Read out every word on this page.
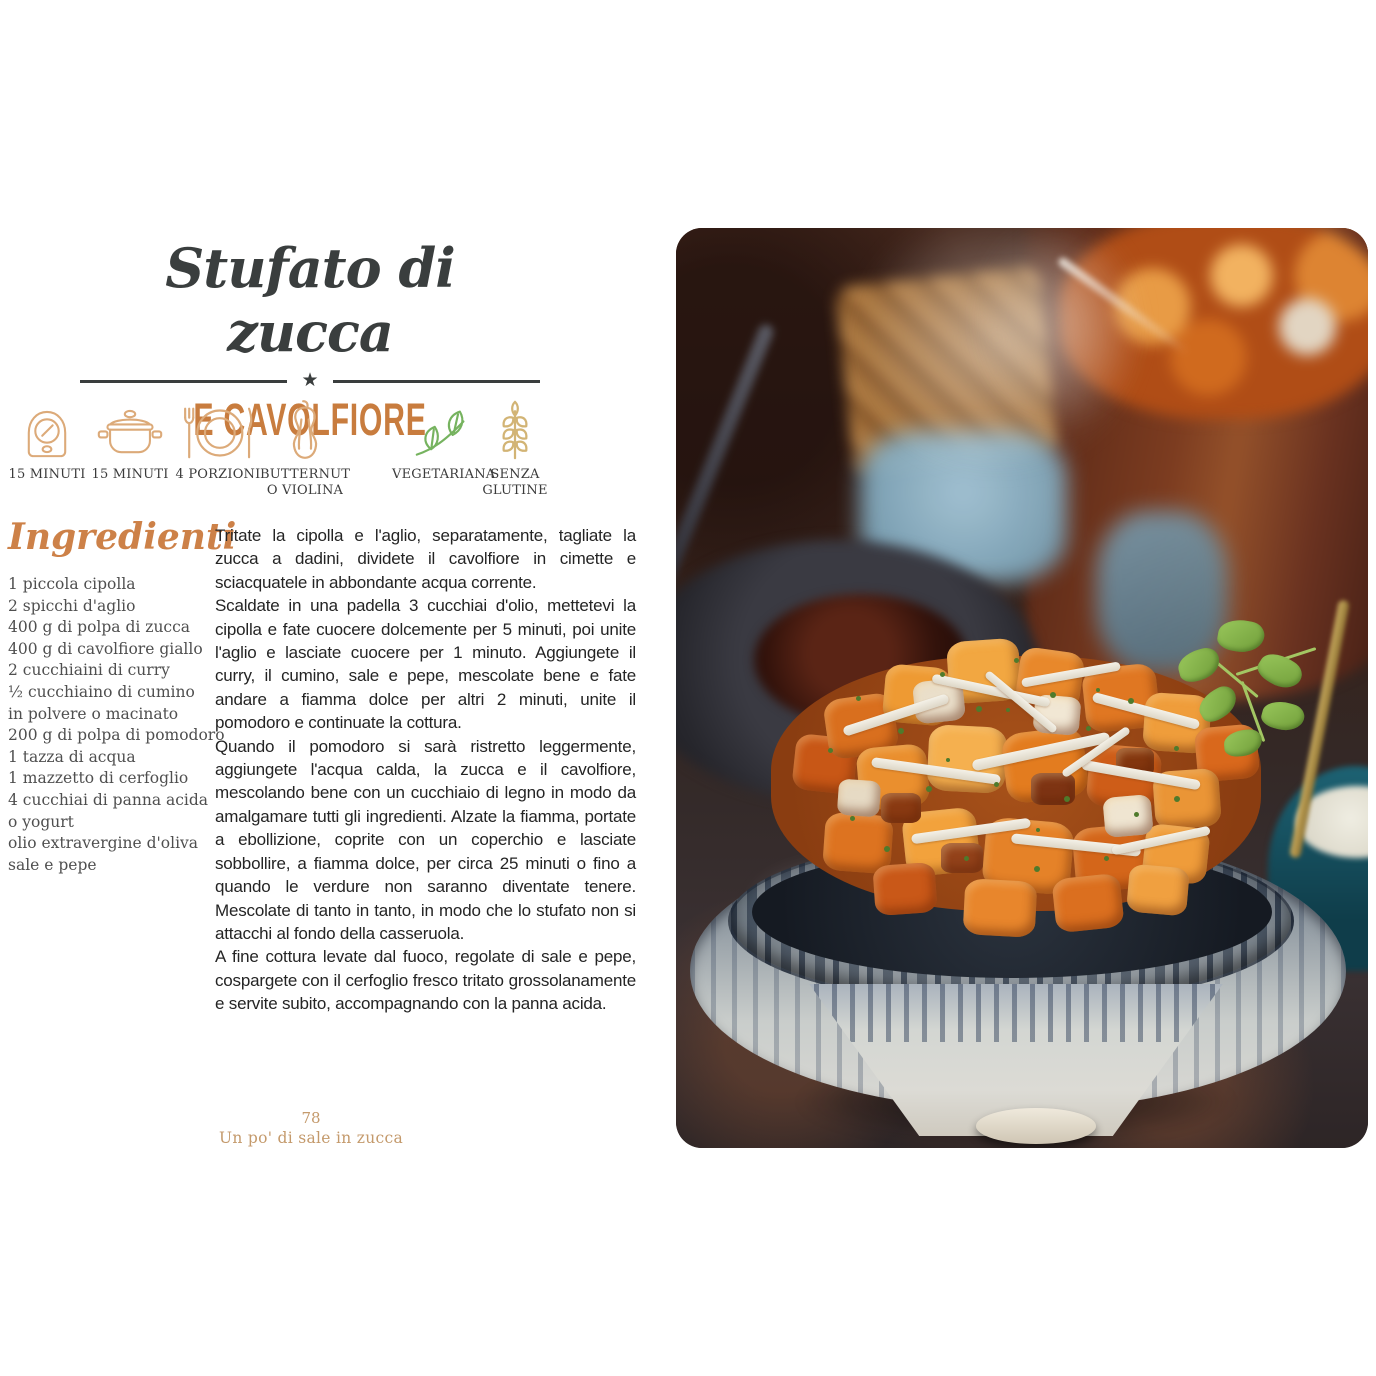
Stufato di zucca
★
E CAVOLFIORE
15 MINUTI 15 MINUTI 4 PORZIONI BUTTERNUT O VIOLINA
VEGETARIANA
SENZA GLUTINE
Ingredienti
1 piccola cipolla
2 spicchi d'aglio
400 g di polpa di zucca
400 g di cavolfiore giallo
2 cucchiaini di curry
½ cucchiaino di cumino
in polvere o macinato
200 g di polpa di pomodoro
1 tazza di acqua
1 mazzetto di cerfoglio
4 cucchiai di panna acida
o yogurt
olio extravergine d'oliva
sale e pepe

Tritate la cipolla e l'aglio, separatamente, tagliate la zucca a dadini, dividete il cavolfiore in cimette e sciacquatele in abbondante acqua corrente.

Scaldate in una padella 3 cucchiai d'olio, mettetevi la cipolla e fate cuocere dolcemente per 5 minuti, poi unite l'aglio e lasciate cuocere per 1 minuto. Aggiungete il curry, il cumino, sale e pepe, mescolate bene e fate andare a fiamma dolce per altri 2 minuti, unite il pomodoro e continuate la cottura.

Quando il pomodoro si sarà ristretto leggermente, aggiungete l'acqua calda, la zucca e il cavolfiore, mescolando bene con un cucchiaio di legno in modo da amalgamare tutti gli ingredienti. Alzate la fiamma, portate a ebollizione, coprite con un coperchio e lasciate sobbollire, a fiamma dolce, per circa 25 minuti o fino a quando le verdure non saranno diventate tenere. Mescolate di tanto in tanto, in modo che lo stufato non si attacchi al fondo della casseruola.

A fine cottura levate dal fuoco, regolate di sale e pepe, cospargete con il cerfoglio fresco tritato grossolanamente e servite subito, accompagnando con la panna acida.

78
Un po' di sale in zucca
